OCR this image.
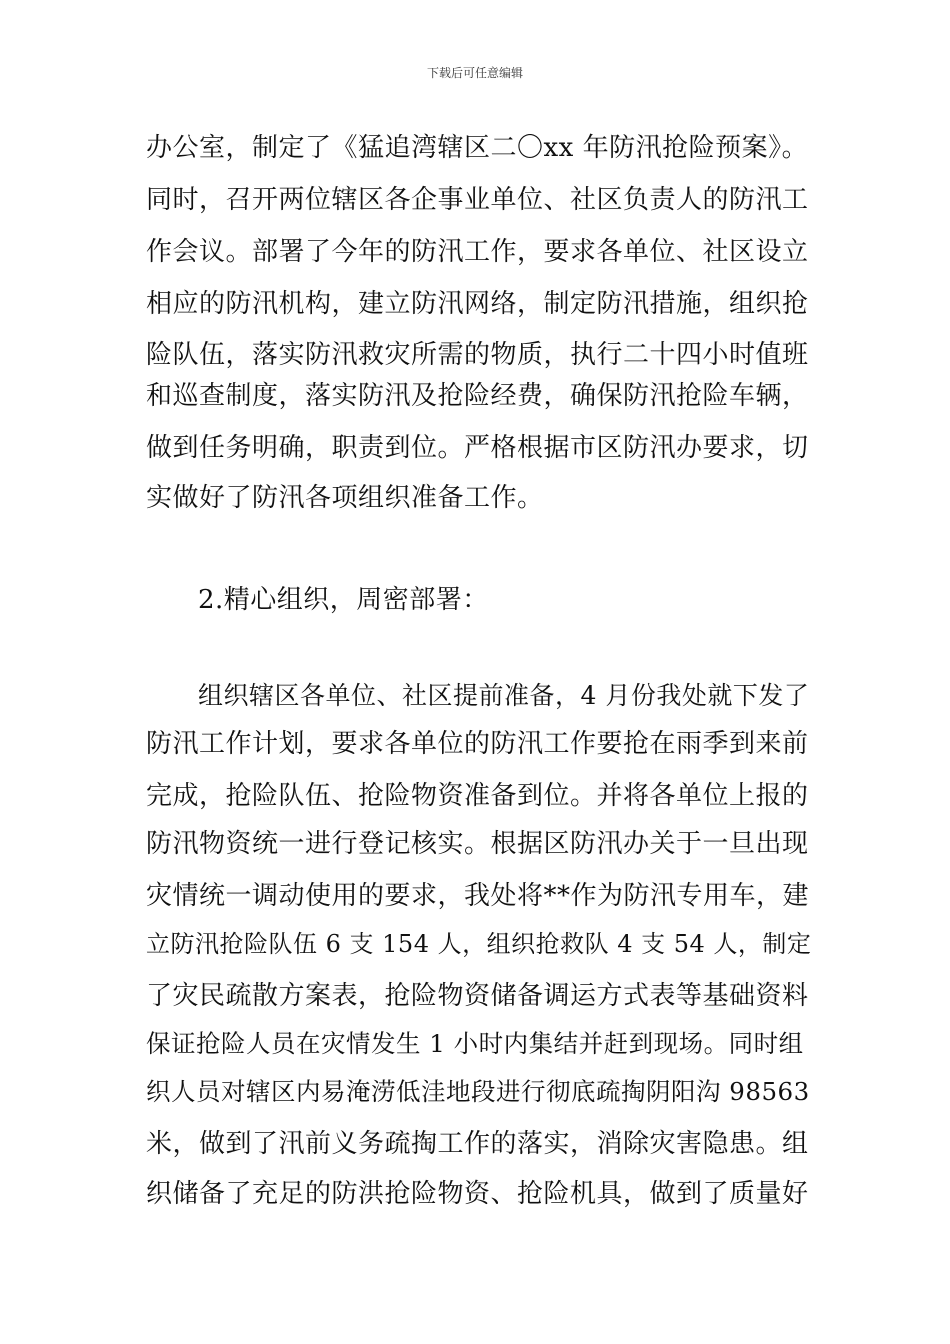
下载后可任意编辑
办公室，制定了《猛追湾辖区二〇xx 年防汛抢险预案》。
同时，召开两位辖区各企事业单位、社区负责人的防汛工
作会议。部署了今年的防汛工作，要求各单位、社区设立
相应的防汛机构，建立防汛网络，制定防汛措施，组织抢
险队伍，落实防汛救灾所需的物质，执行二十四小时值班
和巡查制度，落实防汛及抢险经费，确保防汛抢险车辆，
做到任务明确，职责到位。严格根据市区防汛办要求，切
实做好了防汛各项组织准备工作。
2.精心组织，周密部署：
组织辖区各单位、社区提前准备，4 月份我处就下发了
防汛工作计划，要求各单位的防汛工作要抢在雨季到来前
完成，抢险队伍、抢险物资准备到位。并将各单位上报的
防汛物资统一进行登记核实。根据区防汛办关于一旦出现
灾情统一调动使用的要求，我处将**作为防汛专用车，建
立防汛抢险队伍 6 支 154 人，组织抢救队 4 支 54 人，制定
了灾民疏散方案表，抢险物资储备调运方式表等基础资料
保证抢险人员在灾情发生 1 小时内集结并赶到现场。同时组
织人员对辖区内易淹涝低洼地段进行彻底疏掏阴阳沟 98563
米，做到了汛前义务疏掏工作的落实，消除灾害隐患。组
织储备了充足的防洪抢险物资、抢险机具，做到了质量好
